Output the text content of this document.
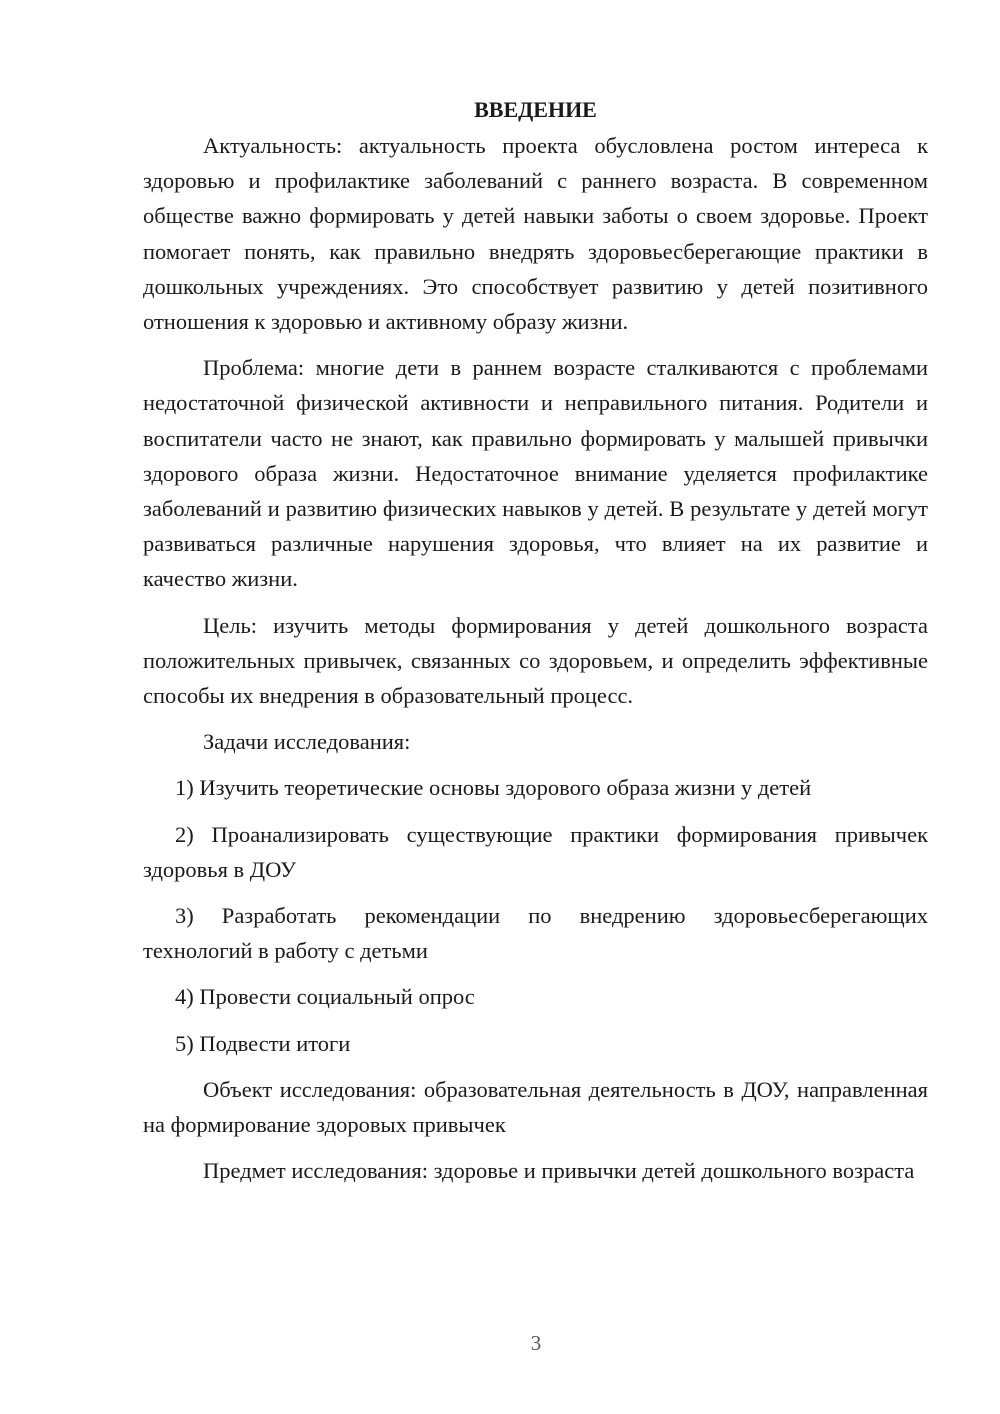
ВВЕДЕНИЕ

Актуальность: актуальность проекта обусловлена ростом интереса к здоровью и профилактике заболеваний с раннего возраста. В современном обществе важно формировать у детей навыки заботы о своем здоровье. Проект помогает понять, как правильно внедрять здоровьесберегающие практики в дошкольных учреждениях. Это способствует развитию у детей позитивного отношения к здоровью и активному образу жизни.

Проблема: многие дети в раннем возрасте сталкиваются с проблемами недостаточной физической активности и неправильного питания. Родители и воспитатели часто не знают, как правильно формировать у малышей привычки здорового образа жизни. Недостаточное внимание уделяется профилактике заболеваний и развитию физических навыков у детей. В результате у детей могут развиваться различные нарушения здоровья, что влияет на их развитие и качество жизни.

Цель: изучить методы формирования у детей дошкольного возраста положительных привычек, связанных со здоровьем, и определить эффективные способы их внедрения в образовательный процесс.

Задачи исследования:

1) Изучить теоретические основы здорового образа жизни у детей

2) Проанализировать существующие практики формирования привычек здоровья в ДОУ

3) Разработать рекомендации по внедрению здоровьесберегающих технологий в работу с детьми

4) Провести социальный опрос

5) Подвести итоги

Объект исследования: образовательная деятельность в ДОУ, направленная на формирование здоровых привычек

Предмет исследования: здоровье и привычки детей дошкольного возраста

3
